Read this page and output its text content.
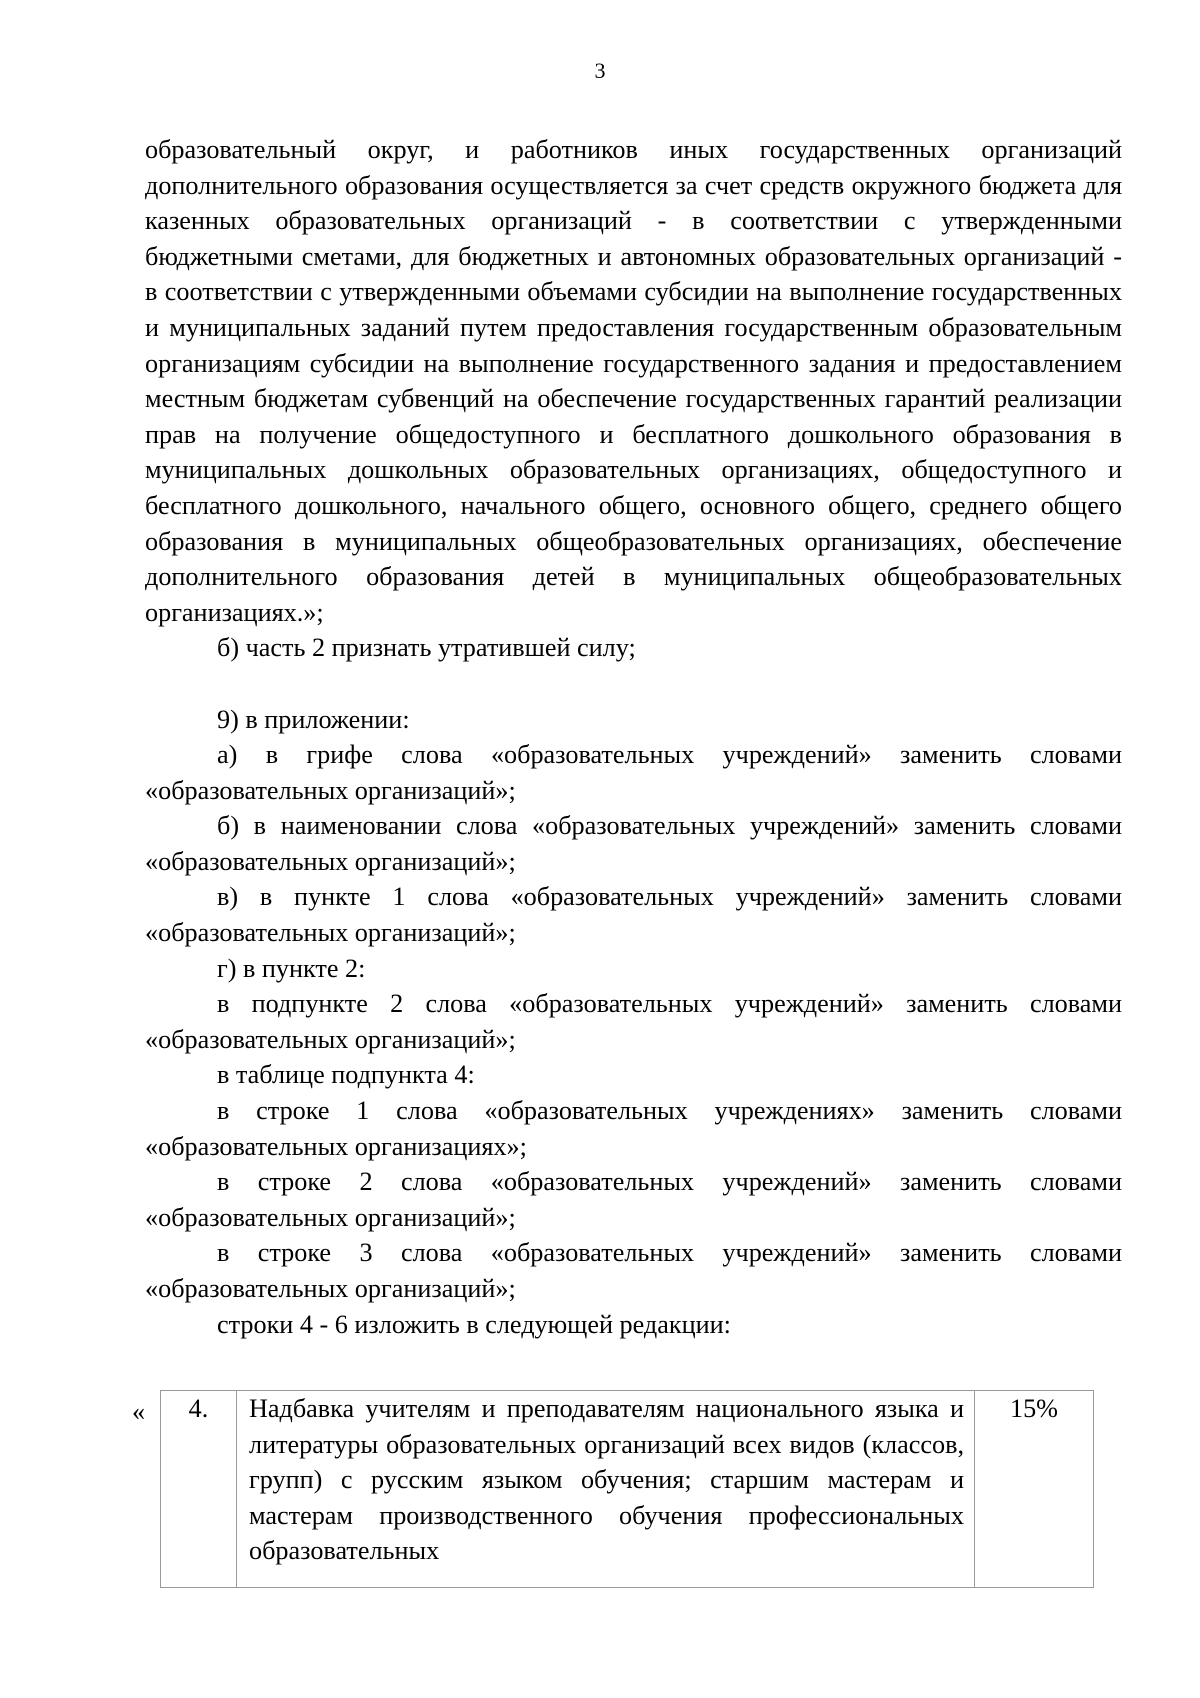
3

образовательный округ, и работников иных государственных организаций дополнительного образования осуществляется за счет средств окружного бюджета для казенных образовательных организаций - в соответствии с утвержденными бюджетными сметами, для бюджетных и автономных образовательных организаций - в соответствии с утвержденными объемами субсидии на выполнение государственных и муниципальных заданий путем предоставления государственным образовательным организациям субсидии на выполнение государственного задания и предоставлением местным бюджетам субвенций на обеспечение государственных гарантий реализации прав на получение общедоступного и бесплатного дошкольного образования в муниципальных дошкольных образовательных организациях, общедоступного и бесплатного дошкольного, начального общего, основного общего, среднего общего образования в муниципальных общеобразовательных организациях, обеспечение дополнительного образования детей в муниципальных общеобразовательных организациях.»;

б) часть 2 признать утратившей силу;

9) в приложении:

а) в грифе слова «образовательных учреждений» заменить словами «образовательных организаций»;

б) в наименовании слова «образовательных учреждений» заменить словами «образовательных организаций»;

в) в пункте 1 слова «образовательных учреждений» заменить словами «образовательных организаций»;

г) в пункте 2:

в подпункте 2 слова «образовательных учреждений» заменить словами «образовательных организаций»;

в таблице подпункта 4:

в строке 1 слова «образовательных учреждениях» заменить словами «образовательных организациях»;

в строке 2 слова «образовательных учреждений» заменить словами «образовательных организаций»;

в строке 3 слова «образовательных учреждений» заменить словами «образовательных организаций»;

строки 4 - 6 изложить в следующей редакции:

« 4.	Надбавка учителям и преподавателям национального языка и литературы образовательных организаций всех видов (классов, групп) с русским языком обучения; старшим мастерам и мастерам производственного обучения профессиональных образовательных	15%
